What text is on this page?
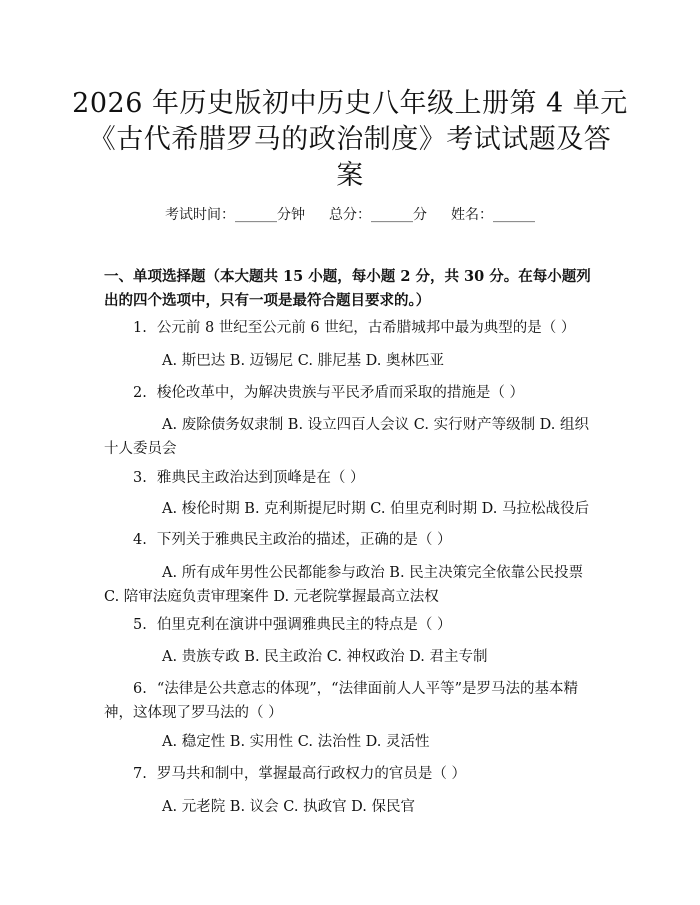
2026 年历史版初中历史八年级上册第 4 单元
《古代希腊罗马的政治制度》考试试题及答
案
考试时间：______分钟 总分：______分 姓名：______
一、单项选择题（本大题共 15 小题，每小题 2 分，共 30 分。在每小题列出的四个选项中，只有一项是最符合题目要求的。）

1. 公元前 8 世纪至公元前 6 世纪，古希腊城邦中最为典型的是（ ）

A. 斯巴达 B. 迈锡尼 C. 腓尼基 D. 奥林匹亚

2. 梭伦改革中，为解决贵族与平民矛盾而采取的措施是（ ）

A. 废除债务奴隶制 B. 设立四百人会议 C. 实行财产等级制 D. 组织十人委员会

3. 雅典民主政治达到顶峰是在（ ）

A. 梭伦时期 B. 克利斯提尼时期 C. 伯里克利时期 D. 马拉松战役后

4. 下列关于雅典民主政治的描述，正确的是（ ）

A. 所有成年男性公民都能参与政治 B. 民主决策完全依靠公民投票 C. 陪审法庭负责审理案件 D. 元老院掌握最高立法权

5. 伯里克利在演讲中强调雅典民主的特点是（ ）

A. 贵族专政 B. 民主政治 C. 神权政治 D. 君主专制

6. “法律是公共意志的体现”，“法律面前人人平等”是罗马法的基本精神，这体现了罗马法的（ ）

A. 稳定性 B. 实用性 C. 法治性 D. 灵活性

7. 罗马共和制中，掌握最高行政权力的官员是（ ）

A. 元老院 B. 议会 C. 执政官 D. 保民官
